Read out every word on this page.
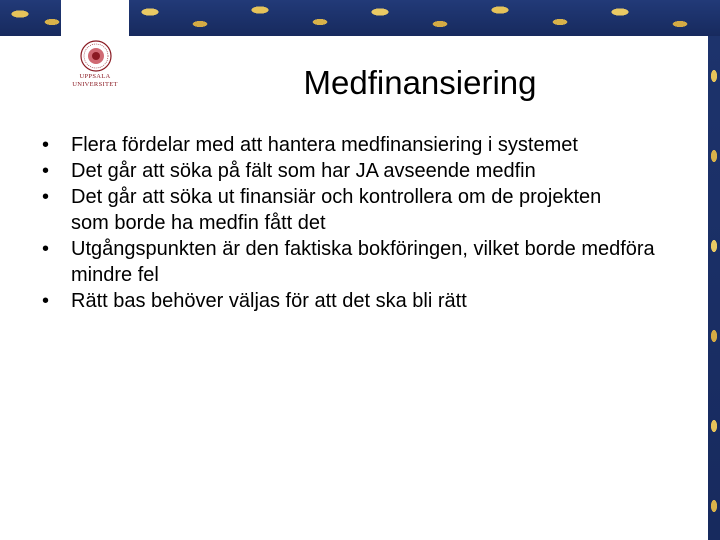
UPPSALA
UNIVERSITET	Medfinansiering
• Flera fördelar med att hantera medfinansiering i systemet
• Det går att söka på fält som har JA avseende medfin
• Det går att söka ut finansiär och kontrollera om de projekten som borde ha medfin fått det
• Utgångspunkten är den faktiska bokföringen, vilket borde medföra mindre fel
• Rätt bas behöver väljas för att det ska bli rätt
